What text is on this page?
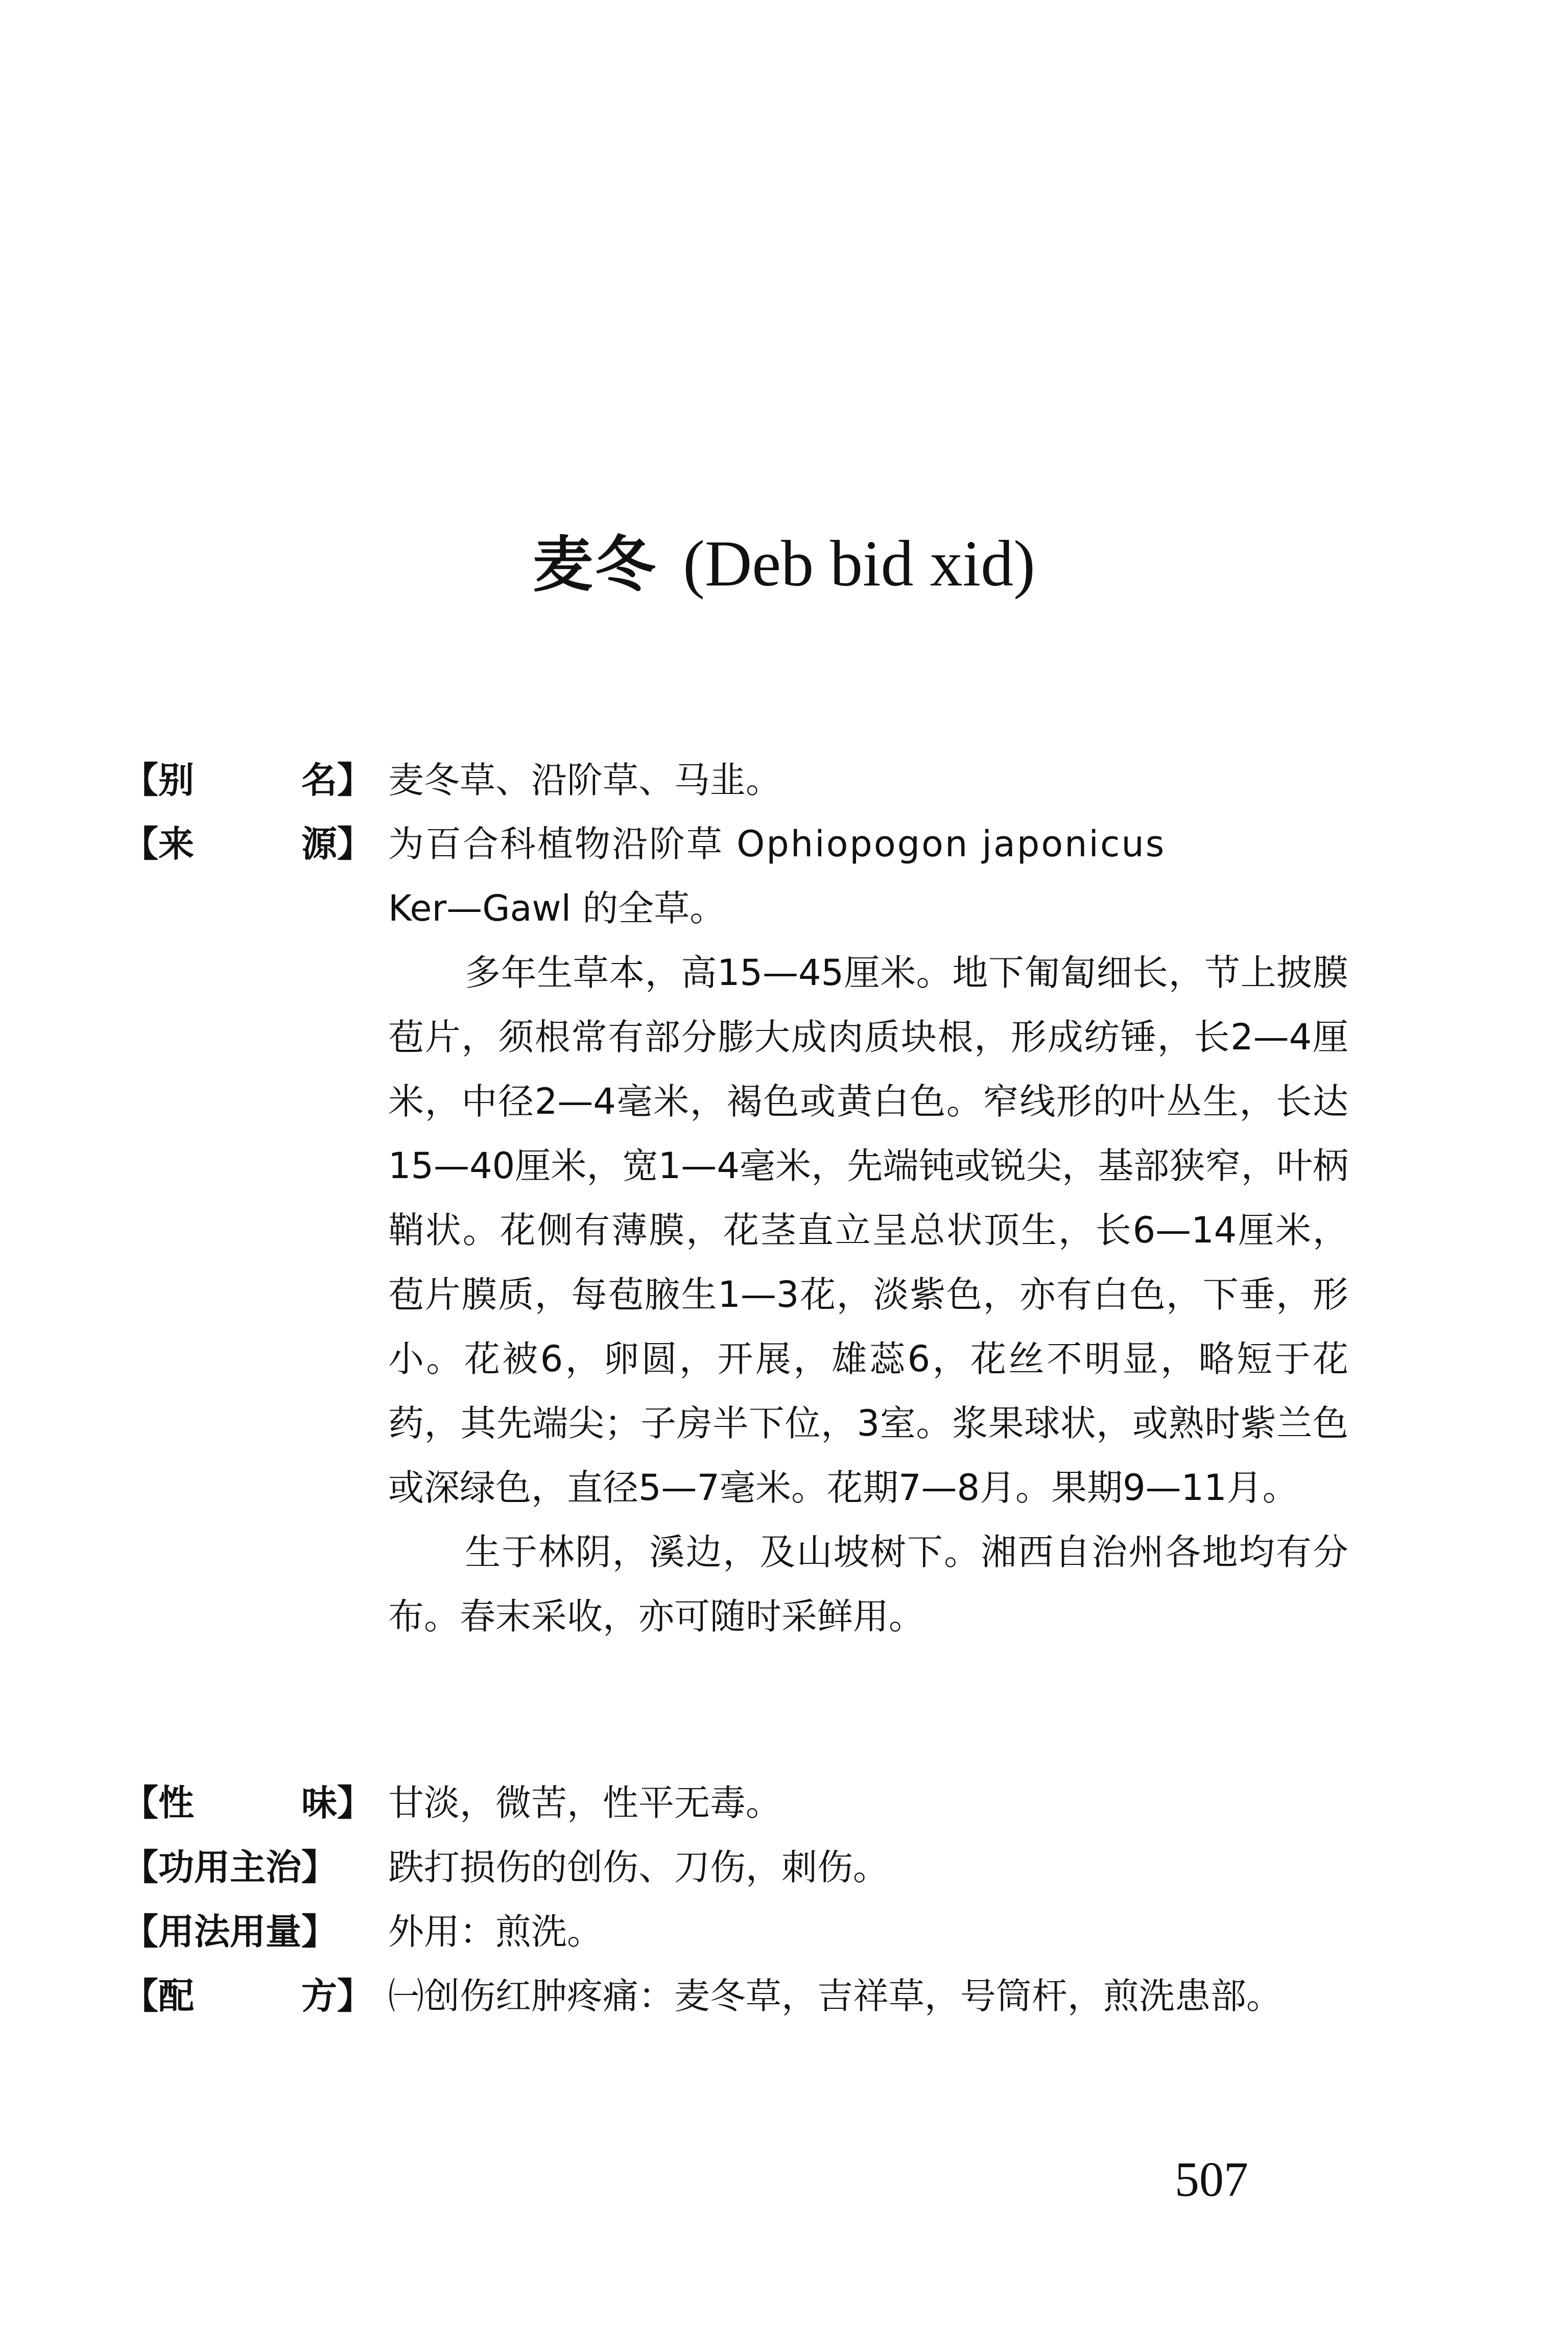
麦冬 (Deb bid xid)
【 别	名 】 麦冬草、沿阶草、马韭。

【 来	源 】 为百合科植物沿阶草 Ophiopogon japonicus

Ker—Gawl 的全草。

多年生草本，高15—45厘米。地下匍匐细长，节上披膜苞片，须根常有部分膨大成肉质块根，形成纺锤，长2—4厘米，中径2—4毫米，褐色或黄白色。窄线形的叶丛生，长达15—40厘米，宽1—4毫米，先端钝或锐尖，基部狭窄，叶柄鞘状。花侧有薄膜，花茎直立呈总状顶生，长6—14厘米，苞片膜质，每苞腋生1—3花，淡紫色，亦有白色，下垂，形小。花被6，卵圆，开展，雄蕊6，花丝不明显，略短于花药，其先端尖；子房半下位，3室。浆果球状，或熟时紫兰色或深绿色，直径5—7毫米。花期7—8月。果期9—11月。

生于林阴，溪边，及山坡树下。湘西自治州各地均有分布。春末采收，亦可随时采鲜用。

【 性	味 】 甘淡，微苦，性平无毒。

【功用主治】	跌打损伤的创伤、刀伤，刺伤。

【用法用量】	外用：煎洗。

【 配	方 】 ㈠创伤红肿疼痛：麦冬草，吉祥草，号筒杆，煎洗患部。

507
